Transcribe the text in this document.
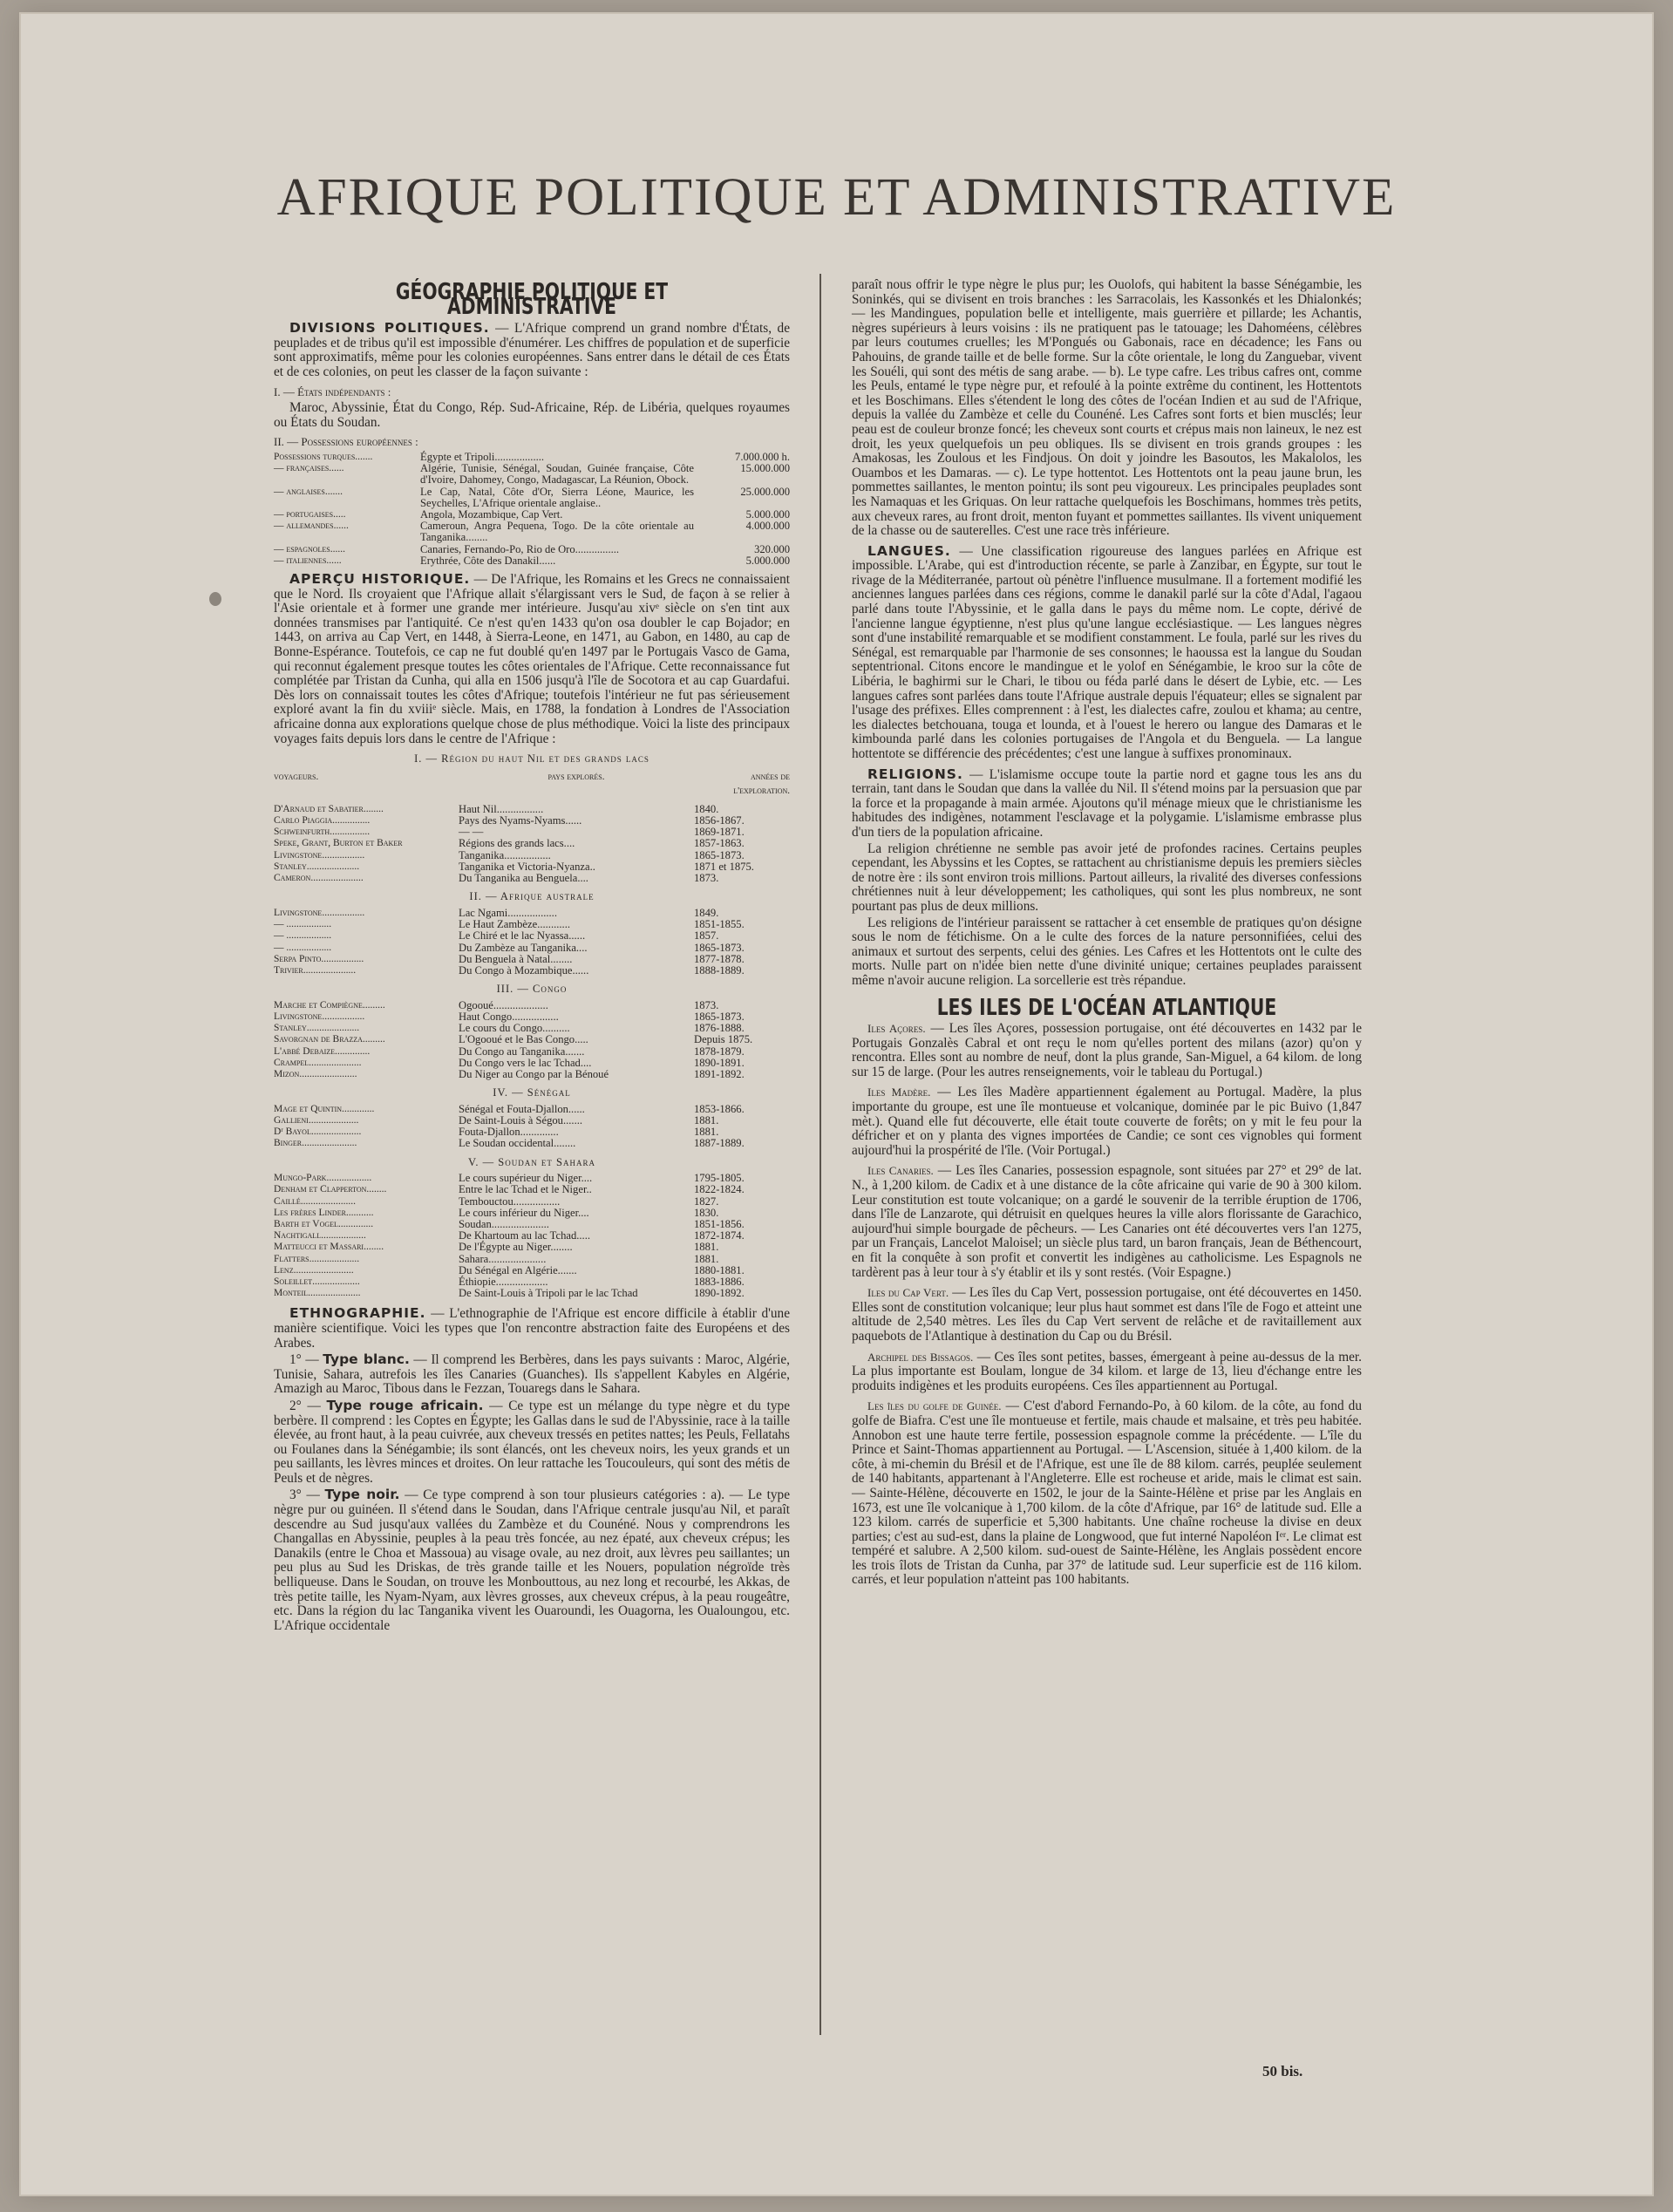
AFRIQUE POLITIQUE ET ADMINISTRATIVE
GÉOGRAPHIE POLITIQUE ET ADMINISTRATIVE

DIVISIONS POLITIQUES. — L'Afrique comprend un grand nombre d'États, de peuplades et de tribus qu'il est impossible d'énumérer. Les chiffres de population et de superficie sont approximatifs, même pour les colonies européennes. Sans entrer dans le détail de ces États et de ces colonies, on peut les classer de la façon suivante :

I. — États indépendants :

Maroc, Abyssinie, État du Congo, Rép. Sud-Africaine, Rép. de Libéria, quelques royaumes ou États du Soudan.

II. — Possessions européennes :
Possessions turques.......	Égypte et Tripoli..................	7.000.000 h.
— françaises......	Algérie, Tunisie, Sénégal, Soudan, Guinée française, Côte d'Ivoire, Dahomey, Congo, Madagascar, La Réunion, Obock.	15.000.000
— anglaises.......	Le Cap, Natal, Côte d'Or, Sierra Léone, Maurice, les Seychelles, L'Afrique orientale anglaise..	25.000.000
— portugaises.....	Angola, Mozambique, Cap Vert.	5.000.000
— allemandes......	Cameroun, Angra Pequena, Togo. De la côte orientale au Tanganika........	4.000.000
— espagnoles......	Canaries, Fernando-Po, Rio de Oro................	320.000
— italiennes......	Erythrée, Côte des Danakil......	5.000.000

APERÇU HISTORIQUE. — De l'Afrique, les Romains et les Grecs ne connaissaient que le Nord. Ils croyaient que l'Afrique allait s'élargissant vers le Sud, de façon à se relier à l'Asie orientale et à former une grande mer intérieure. Jusqu'au xivᵉ siècle on s'en tint aux données transmises par l'antiquité. Ce n'est qu'en 1433 qu'on osa doubler le cap Bojador; en 1443, on arriva au Cap Vert, en 1448, à Sierra-Leone, en 1471, au Gabon, en 1480, au cap de Bonne-Espérance. Toutefois, ce cap ne fut doublé qu'en 1497 par le Portugais Vasco de Gama, qui reconnut également presque toutes les côtes orientales de l'Afrique. Cette reconnaissance fut complétée par Tristan da Cunha, qui alla en 1506 jusqu'à l'île de Socotora et au cap Guardafui. Dès lors on connaissait toutes les côtes d'Afrique; toutefois l'intérieur ne fut pas sérieusement exploré avant la fin du xviiiᵉ siècle. Mais, en 1788, la fondation à Londres de l'Association africaine donna aux explorations quelque chose de plus méthodique. Voici la liste des principaux voyages faits depuis lors dans le centre de l'Afrique :

I. — Région du haut Nil et des grands lacs
voyageurs.	pays explorés.	années de l'exploration.
D'Arnaud et Sabatier........	Haut Nil.................	1840.
Carlo Piaggia...............	Pays des Nyams-Nyams......	1856-1867.
Schweinfurth................	— —	1869-1871.
Speke, Grant, Burton et Baker	Régions des grands lacs....	1857-1863.
Livingstone.................	Tanganika.................	1865-1873.
Stanley.....................	Tanganika et Victoria-Nyanza..	1871 et 1875.
Cameron.....................	Du Tanganika au Benguela....	1873.
II. — Afrique australe
Livingstone.................	Lac Ngami..................	1849.
— ..................	Le Haut Zambèze............	1851-1855.
— ..................	Le Chiré et le lac Nyassa......	1857.
— ..................	Du Zambèze au Tanganika....	1865-1873.
Serpa Pinto.................	Du Benguela à Natal........	1877-1878.
Trivier.....................	Du Congo à Mozambique......	1888-1889.
III. — Congo
Marche et Compiègne.........	Ogooué....................	1873.
Livingstone.................	Haut Congo.................	1865-1873.
Stanley.....................	Le cours du Congo..........	1876-1888.
Savorgnan de Brazza.........	L'Ogooué et le Bas Congo.....	Depuis 1875.
L'abbé Debaize..............	Du Congo au Tanganika.......	1878-1879.
Crampel.....................	Du Congo vers le lac Tchad....	1890-1891.
Mizon.......................	Du Niger au Congo par la Bénoué	1891-1892.
IV. — Sénégal
Mage et Quintin.............	Sénégal et Fouta-Djallon......	1853-1866.
Gallieni....................	De Saint-Louis à Ségou.......	1881.
Dʳ Bayol....................	Fouta-Djallon..............	1881.
Binger......................	Le Soudan occidental........	1887-1889.
V. — Soudan et Sahara
Mungo-Park..................	Le cours supérieur du Niger....	1795-1805.
Denham et Clapperton........	Entre le lac Tchad et le Niger..	1822-1824.
Caillé......................	Tembouctou.................	1827.
Les frères Linder...........	Le cours inférieur du Niger....	1830.
Barth et Vogel..............	Soudan.....................	1851-1856.
Nachtigall..................	De Khartoum au lac Tchad.....	1872-1874.
Matteucci et Massari........	De l'Égypte au Niger........	1881.
Flatters....................	Sahara.....................	1881.
Lenz........................	Du Sénégal en Algérie.......	1880-1881.
Soleillet...................	Éthiopie...................	1883-1886.
Monteil.....................	De Saint-Louis à Tripoli par le lac Tchad	1890-1892.

ETHNOGRAPHIE. — L'ethnographie de l'Afrique est encore difficile à établir d'une manière scientifique. Voici les types que l'on rencontre abstraction faite des Européens et des Arabes.

1° — Type blanc. — Il comprend les Berbères, dans les pays suivants : Maroc, Algérie, Tunisie, Sahara, autrefois les îles Canaries (Guanches). Ils s'appellent Kabyles en Algérie, Amazigh au Maroc, Tibous dans le Fezzan, Touaregs dans le Sahara.

2° — Type rouge africain. — Ce type est un mélange du type nègre et du type berbère. Il comprend : les Coptes en Égypte; les Gallas dans le sud de l'Abyssinie, race à la taille élevée, au front haut, à la peau cuivrée, aux cheveux tressés en petites nattes; les Peuls, Fellatahs ou Foulanes dans la Sénégambie; ils sont élancés, ont les cheveux noirs, les yeux grands et un peu saillants, les lèvres minces et droites. On leur rattache les Toucouleurs, qui sont des métis de Peuls et de nègres.

3° — Type noir. — Ce type comprend à son tour plusieurs catégories : a). — Le type nègre pur ou guinéen. Il s'étend dans le Soudan, dans l'Afrique centrale jusqu'au Nil, et paraît descendre au Sud jusqu'aux vallées du Zambèze et du Counéné. Nous y comprendrons les Changallas en Abyssinie, peuples à la peau très foncée, au nez épaté, aux cheveux crépus; les Danakils (entre le Choa et Massoua) au visage ovale, au nez droit, aux lèvres peu saillantes; un peu plus au Sud les Driskas, de très grande taille et les Nouers, population négroïde très belliqueuse. Dans le Soudan, on trouve les Monbouttous, au nez long et recourbé, les Akkas, de très petite taille, les Nyam-Nyam, aux lèvres grosses, aux cheveux crépus, à la peau rougeâtre, etc. Dans la région du lac Tanganika vivent les Ouaroundi, les Ouagorna, les Oualoungou, etc. L'Afrique occidentale

paraît nous offrir le type nègre le plus pur; les Ouolofs, qui habitent la basse Sénégambie, les Soninkés, qui se divisent en trois branches : les Sarracolais, les Kassonkés et les Dhialonkés; — les Mandingues, population belle et intelligente, mais guerrière et pillarde; les Achantis, nègres supérieurs à leurs voisins : ils ne pratiquent pas le tatouage; les Dahoméens, célèbres par leurs coutumes cruelles; les M'Pongués ou Gabonais, race en décadence; les Fans ou Pahouins, de grande taille et de belle forme. Sur la côte orientale, le long du Zanguebar, vivent les Souéli, qui sont des métis de sang arabe. — b). Le type cafre. Les tribus cafres ont, comme les Peuls, entamé le type nègre pur, et refoulé à la pointe extrême du continent, les Hottentots et les Boschimans. Elles s'étendent le long des côtes de l'océan Indien et au sud de l'Afrique, depuis la vallée du Zambèze et celle du Counéné. Les Cafres sont forts et bien musclés; leur peau est de couleur bronze foncé; les cheveux sont courts et crépus mais non laineux, le nez est droit, les yeux quelquefois un peu obliques. Ils se divisent en trois grands groupes : les Amakosas, les Zoulous et les Findjous. On doit y joindre les Basoutos, les Makalolos, les Ouambos et les Damaras. — c). Le type hottentot. Les Hottentots ont la peau jaune brun, les pommettes saillantes, le menton pointu; ils sont peu vigoureux. Les principales peuplades sont les Namaquas et les Griquas. On leur rattache quelquefois les Boschimans, hommes très petits, aux cheveux rares, au front droit, menton fuyant et pommettes saillantes. Ils vivent uniquement de la chasse ou de sauterelles. C'est une race très inférieure.

LANGUES. — Une classification rigoureuse des langues parlées en Afrique est impossible. L'Arabe, qui est d'introduction récente, se parle à Zanzibar, en Égypte, sur tout le rivage de la Méditerranée, partout où pénètre l'influence musulmane. Il a fortement modifié les anciennes langues parlées dans ces régions, comme le danakil parlé sur la côte d'Adal, l'agaou parlé dans toute l'Abyssinie, et le galla dans le pays du même nom. Le copte, dérivé de l'ancienne langue égyptienne, n'est plus qu'une langue ecclésiastique. — Les langues nègres sont d'une instabilité remarquable et se modifient constamment. Le foula, parlé sur les rives du Sénégal, est remarquable par l'harmonie de ses consonnes; le haoussa est la langue du Soudan septentrional. Citons encore le mandingue et le yolof en Sénégambie, le kroo sur la côte de Libéria, le baghirmi sur le Chari, le tibou ou féda parlé dans le désert de Lybie, etc. — Les langues cafres sont parlées dans toute l'Afrique australe depuis l'équateur; elles se signalent par l'usage des préfixes. Elles comprennent : à l'est, les dialectes cafre, zoulou et khama; au centre, les dialectes betchouana, touga et lounda, et à l'ouest le herero ou langue des Damaras et le kimbounda parlé dans les colonies portugaises de l'Angola et du Benguela. — La langue hottentote se différencie des précédentes; c'est une langue à suffixes pronominaux.

RELIGIONS. — L'islamisme occupe toute la partie nord et gagne tous les ans du terrain, tant dans le Soudan que dans la vallée du Nil. Il s'étend moins par la persuasion que par la force et la propagande à main armée. Ajoutons qu'il ménage mieux que le christianisme les habitudes des indigènes, notamment l'esclavage et la polygamie. L'islamisme embrasse plus d'un tiers de la population africaine.

La religion chrétienne ne semble pas avoir jeté de profondes racines. Certains peuples cependant, les Abyssins et les Coptes, se rattachent au christianisme depuis les premiers siècles de notre ère : ils sont environ trois millions. Partout ailleurs, la rivalité des diverses confessions chrétiennes nuit à leur développement; les catholiques, qui sont les plus nombreux, ne sont pourtant pas plus de deux millions.

Les religions de l'intérieur paraissent se rattacher à cet ensemble de pratiques qu'on désigne sous le nom de fétichisme. On a le culte des forces de la nature personnifiées, celui des animaux et surtout des serpents, celui des génies. Les Cafres et les Hottentots ont le culte des morts. Nulle part on n'idée bien nette d'une divinité unique; certaines peuplades paraissent même n'avoir aucune religion. La sorcellerie est très répandue.

LES ILES DE L'OCÉAN ATLANTIQUE

Iles Açores. — Les îles Açores, possession portugaise, ont été découvertes en 1432 par le Portugais Gonzalès Cabral et ont reçu le nom qu'elles portent des milans (azor) qu'on y rencontra. Elles sont au nombre de neuf, dont la plus grande, San-Miguel, a 64 kilom. de long sur 15 de large. (Pour les autres renseignements, voir le tableau du Portugal.)

Iles Madère. — Les îles Madère appartiennent également au Portugal. Madère, la plus importante du groupe, est une île montueuse et volcanique, dominée par le pic Buivo (1,847 mèt.). Quand elle fut découverte, elle était toute couverte de forêts; on y mit le feu pour la défricher et on y planta des vignes importées de Candie; ce sont ces vignobles qui forment aujourd'hui la prospérité de l'île. (Voir Portugal.)

Iles Canaries. — Les îles Canaries, possession espagnole, sont situées par 27° et 29° de lat. N., à 1,200 kilom. de Cadix et à une distance de la côte africaine qui varie de 90 à 300 kilom. Leur constitution est toute volcanique; on a gardé le souvenir de la terrible éruption de 1706, dans l'île de Lanzarote, qui détruisit en quelques heures la ville alors florissante de Garachico, aujourd'hui simple bourgade de pêcheurs. — Les Canaries ont été découvertes vers l'an 1275, par un Français, Lancelot Maloisel; un siècle plus tard, un baron français, Jean de Béthencourt, en fit la conquête à son profit et convertit les indigènes au catholicisme. Les Espagnols ne tardèrent pas à leur tour à s'y établir et ils y sont restés. (Voir Espagne.)

Iles du Cap Vert. — Les îles du Cap Vert, possession portugaise, ont été découvertes en 1450. Elles sont de constitution volcanique; leur plus haut sommet est dans l'île de Fogo et atteint une altitude de 2,540 mètres. Les îles du Cap Vert servent de relâche et de ravitaillement aux paquebots de l'Atlantique à destination du Cap ou du Brésil.

Archipel des Bissagos. — Ces îles sont petites, basses, émergeant à peine au-dessus de la mer. La plus importante est Boulam, longue de 34 kilom. et large de 13, lieu d'échange entre les produits indigènes et les produits européens. Ces îles appartiennent au Portugal.

Les îles du golfe de Guinée. — C'est d'abord Fernando-Po, à 60 kilom. de la côte, au fond du golfe de Biafra. C'est une île montueuse et fertile, mais chaude et malsaine, et très peu habitée. Annobon est une haute terre fertile, possession espagnole comme la précédente. — L'île du Prince et Saint-Thomas appartiennent au Portugal. — L'Ascension, située à 1,400 kilom. de la côte, à mi-chemin du Brésil et de l'Afrique, est une île de 88 kilom. carrés, peuplée seulement de 140 habitants, appartenant à l'Angleterre. Elle est rocheuse et aride, mais le climat est sain. — Sainte-Hélène, découverte en 1502, le jour de la Sainte-Hélène et prise par les Anglais en 1673, est une île volcanique à 1,700 kilom. de la côte d'Afrique, par 16° de latitude sud. Elle a 123 kilom. carrés de superficie et 5,300 habitants. Une chaîne rocheuse la divise en deux parties; c'est au sud-est, dans la plaine de Longwood, que fut interné Napoléon Iᵉʳ. Le climat est tempéré et salubre. A 2,500 kilom. sud-ouest de Sainte-Hélène, les Anglais possèdent encore les trois îlots de Tristan da Cunha, par 37° de latitude sud. Leur superficie est de 116 kilom. carrés, et leur population n'atteint pas 100 habitants.

50 bis.
